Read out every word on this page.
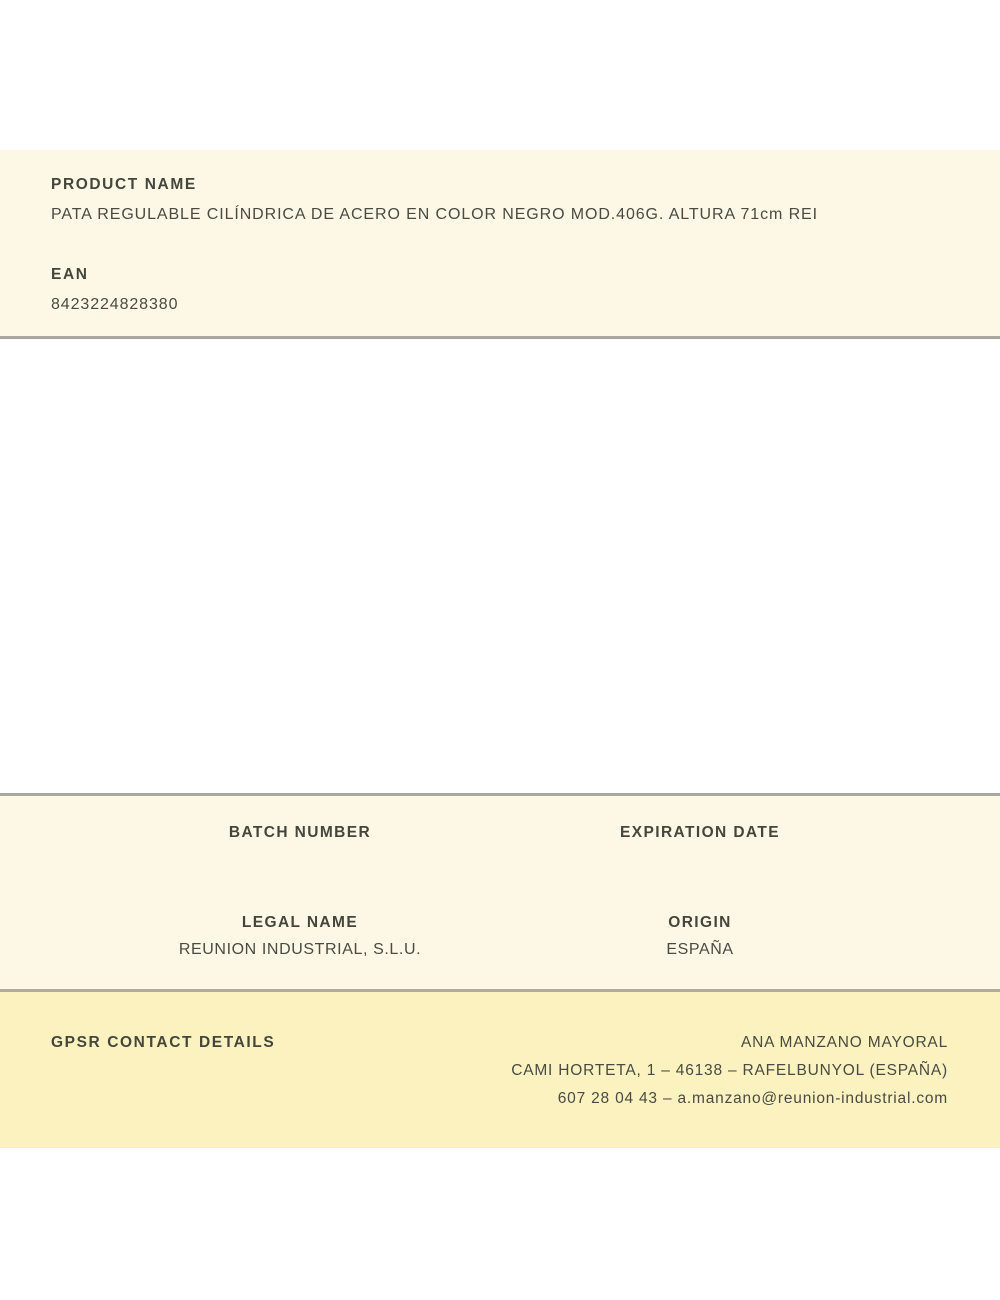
PRODUCT NAME
PATA REGULABLE CILÍNDRICA DE ACERO EN COLOR NEGRO MOD.406G. ALTURA 71cm REI
EAN
8423224828380
BATCH NUMBER	EXPIRATION DATE
LEGAL NAME
REUNION INDUSTRIAL, S.L.U.
ORIGIN
ESPAÑA
GPSR CONTACT DETAILS	ANA MANZANO MAYORAL
CAMI HORTETA, 1 – 46138 – RAFELBUNYOL (ESPAÑA)
607 28 04 43 – a.manzano@reunion-industrial.com
